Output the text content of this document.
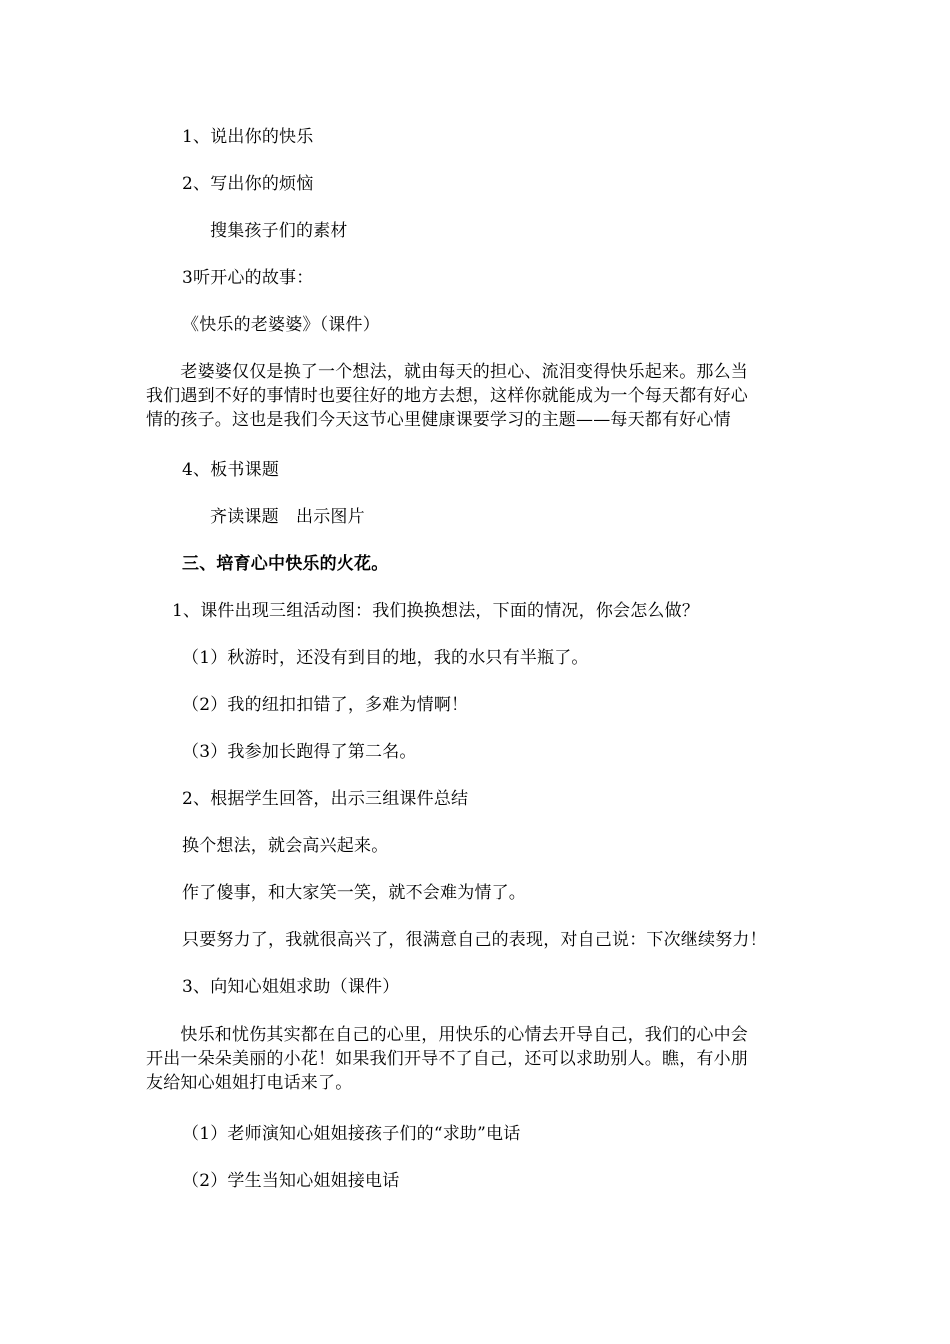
1、说出你的快乐
2、写出你的烦恼
搜集孩子们的素材
3听开心的故事：
《快乐的老婆婆》（课件）
　　老婆婆仅仅是换了一个想法，就由每天的担心、流泪变得快乐起来。那么当
我们遇到不好的事情时也要往好的地方去想，这样你就能成为一个每天都有好心
情的孩子。这也是我们今天这节心里健康课要学习的主题——每天都有好心情
4、板书课题
齐读课题　出示图片
三、培育心中快乐的火花。
1、课件出现三组活动图：我们换换想法，下面的情况，你会怎么做？
（1）秋游时，还没有到目的地，我的水只有半瓶了。
（2）我的纽扣扣错了，多难为情啊！
（3）我参加长跑得了第二名。
2、根据学生回答，出示三组课件总结
换个想法，就会高兴起来。
作了傻事，和大家笑一笑，就不会难为情了。
只要努力了，我就很高兴了，很满意自己的表现，对自己说：下次继续努力！
3、向知心姐姐求助（课件）
　　快乐和忧伤其实都在自己的心里，用快乐的心情去开导自己，我们的心中会
开出一朵朵美丽的小花！如果我们开导不了自己，还可以求助别人。瞧，有小朋
友给知心姐姐打电话来了。
（1）老师演知心姐姐接孩子们的“求助”电话
（2）学生当知心姐姐接电话
